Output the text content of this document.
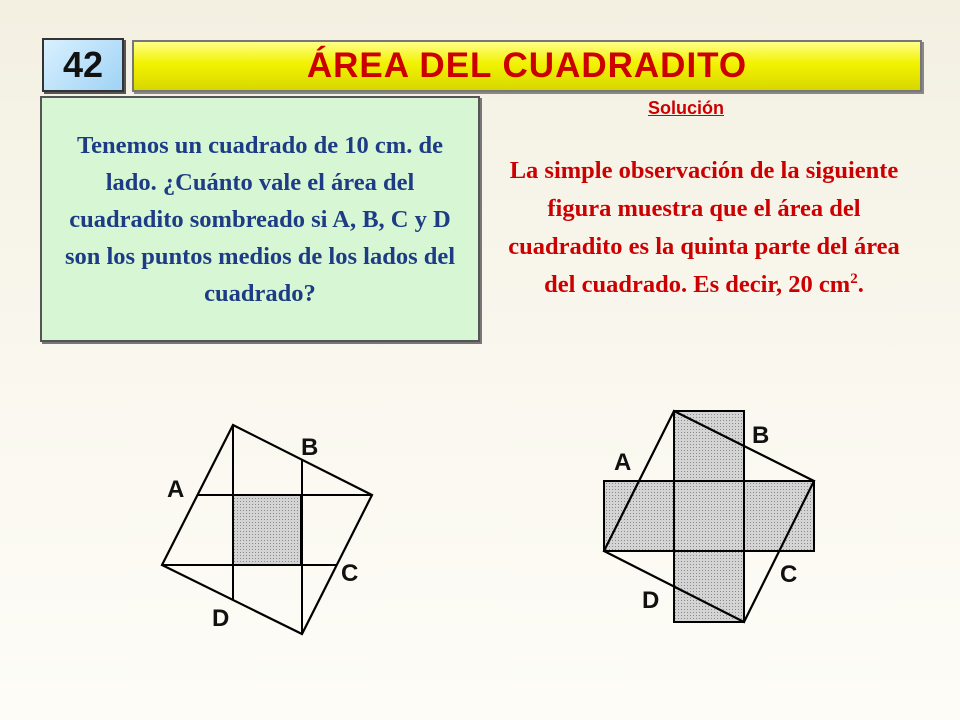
42	ÁREA DEL CUADRADITO
Tenemos un cuadrado de 10 cm. de lado. ¿Cuánto vale el área del cuadradito sombreado si A, B, C y D son los puntos medios de los lados del cuadrado?
Solución
La simple observación de la siguiente figura muestra que el área del cuadradito es la quinta parte del área del cuadrado. Es decir, 20 $cm^2$.
A
B
C
D
A
B
C
D
